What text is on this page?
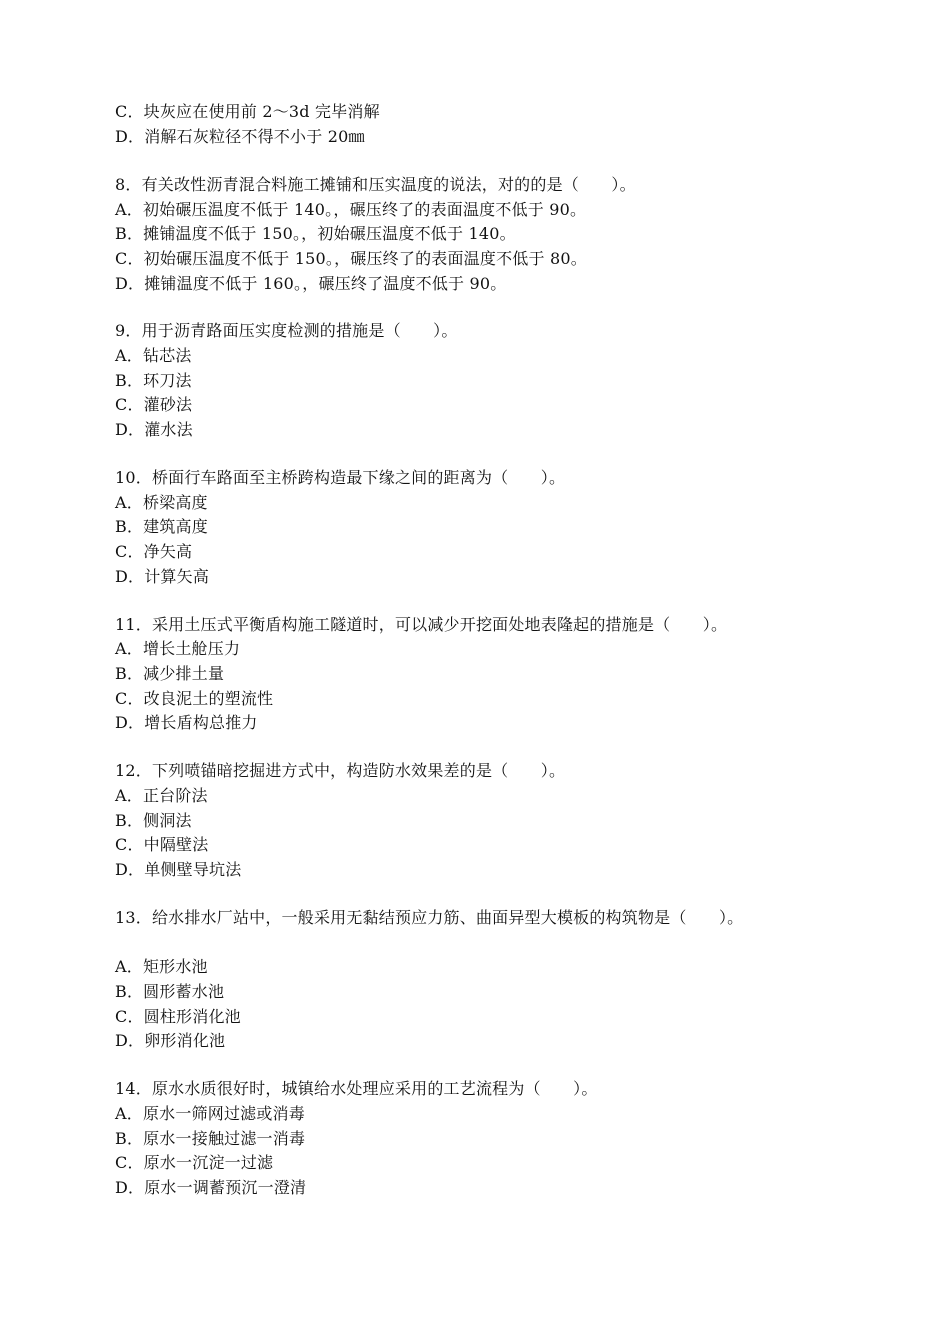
C．块灰应在使用前 2～3d 完毕消解
D．消解石灰粒径不得不小于 20㎜
8．有关改性沥青混合料施工摊铺和压实温度的说法，对的的是（　　）。
A．初始碾压温度不低于 140。，碾压终了的表面温度不低于 90。
B．摊铺温度不低于 150。，初始碾压温度不低于 140。
C．初始碾压温度不低于 150。，碾压终了的表面温度不低于 80。
D．摊铺温度不低于 160。，碾压终了温度不低于 90。
9．用于沥青路面压实度检测的措施是（　　）。
A．钻芯法
B．环刀法
C．灌砂法
D．灌水法
10．桥面行车路面至主桥跨构造最下缘之间的距离为（　　）。
A．桥梁高度
B．建筑高度
C．净矢高
D．计算矢高
11．采用土压式平衡盾构施工隧道时，可以减少开挖面处地表隆起的措施是（　　）。
A．增长土舱压力
B．减少排土量
C．改良泥土的塑流性
D．增长盾构总推力
12．下列喷锚暗挖掘进方式中，构造防水效果差的是（　　）。
A．正台阶法
B．侧洞法
C．中隔壁法
D．单侧壁导坑法
13．给水排水厂站中，一般采用无黏结预应力筋、曲面异型大模板的构筑物是（　　）。
A．矩形水池
B．圆形蓄水池
C．圆柱形消化池
D．卵形消化池
14．原水水质很好时，城镇给水处理应采用的工艺流程为（　　）。
A．原水一筛网过滤或消毒
B．原水一接触过滤一消毒
C．原水一沉淀一过滤
D．原水一调蓄预沉一澄清
